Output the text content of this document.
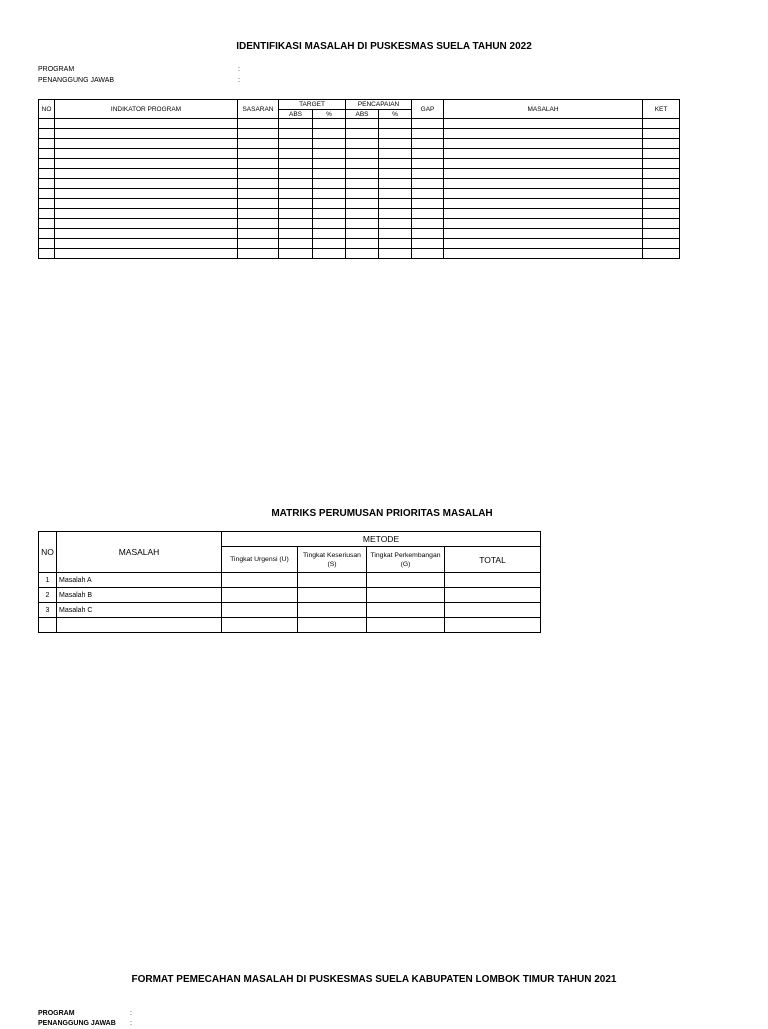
IDENTIFIKASI MASALAH DI PUSKESMAS SUELA TAHUN 2022
PROGRAM	:
PENANGGUNG JAWAB	:
NO	INDIKATOR PROGRAM	SASARAN	TARGET		PENCAPAIAN		GAP	MASALAH	KET
			ABS	%	ABS	%			

MATRIKS PERUMUSAN PRIORITAS MASALAH
NO	MASALAH	METODE			
		Tingkat Urgensi (U)	Tingkat Keseriusan (S)	Tingkat Perkembangan (G)	TOTAL
1	Masalah A				
2	Masalah B				
3	Masalah C				

FORMAT PEMECAHAN MASALAH DI PUSKESMAS SUELA KABUPATEN LOMBOK TIMUR TAHUN 2021
PROGRAM	:
PENANGGUNG JAWAB	:
